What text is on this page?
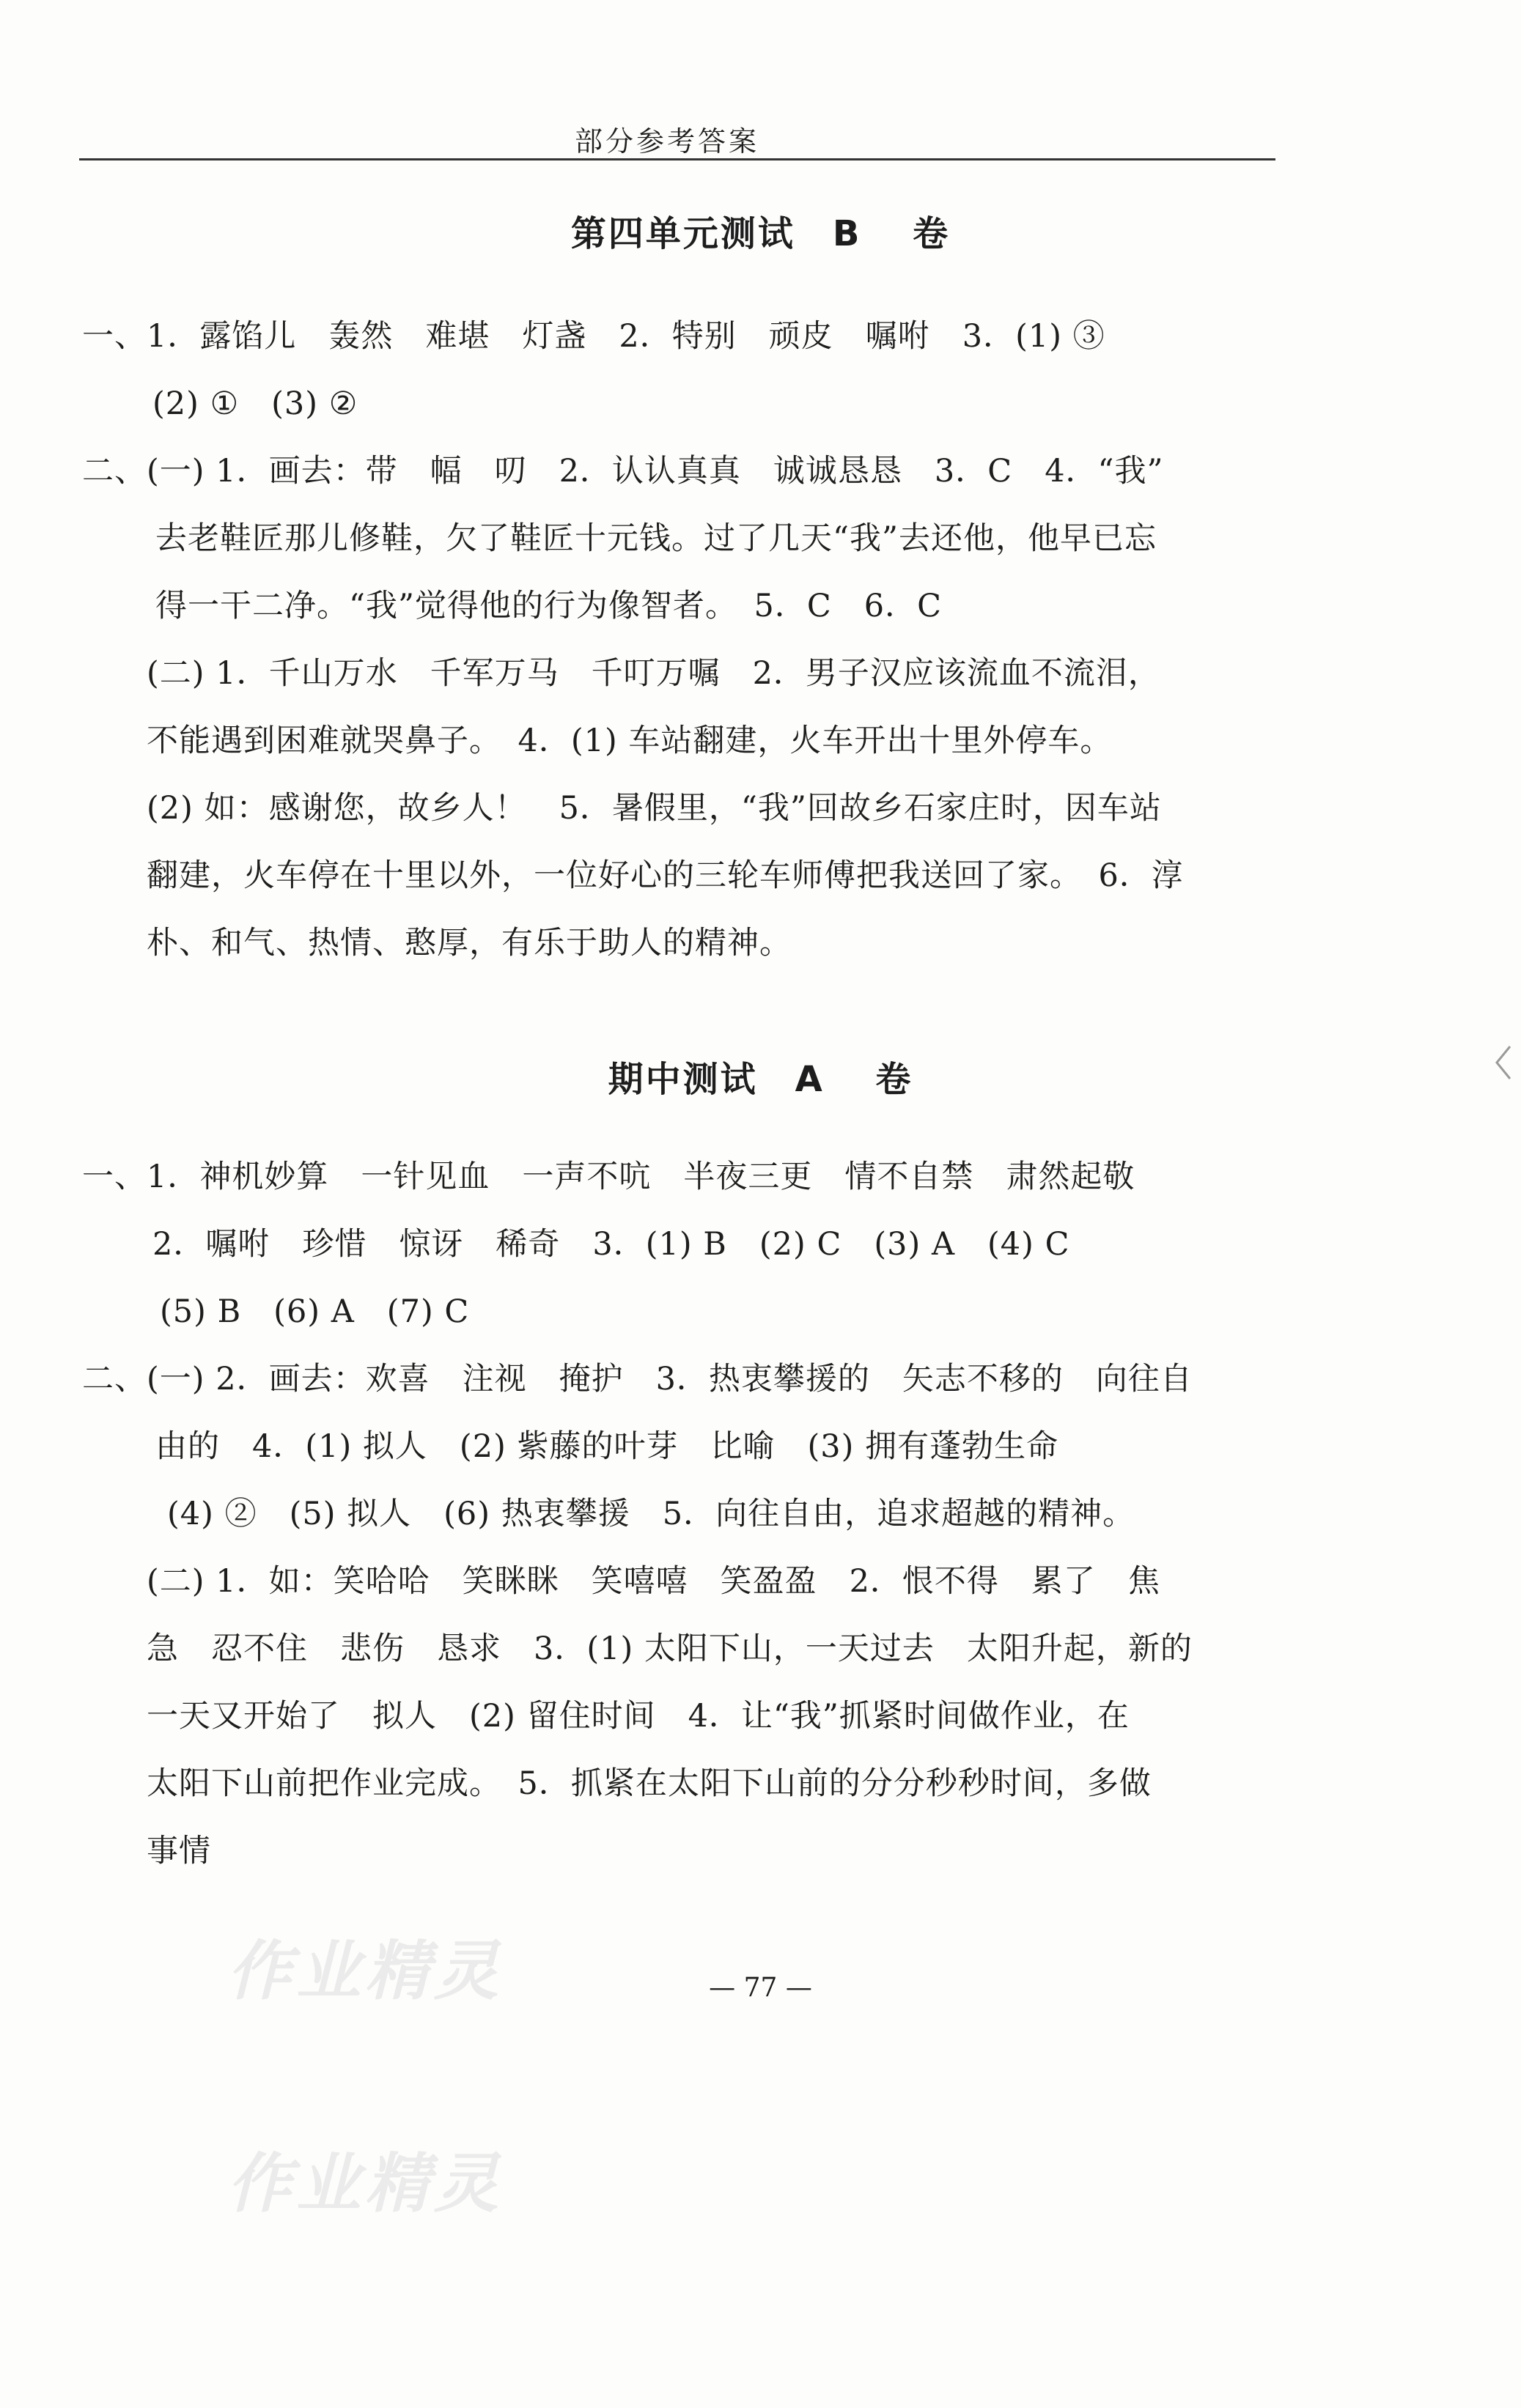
部分参考答案
第四单元测试　B 卷
一、1．露馅儿　轰然　难堪　灯盏　2．特别　顽皮　嘱咐　3．(1) ③
(2) ①　(3) ②
二、(一) 1．画去：带　幅　叨　2．认认真真　诚诚恳恳　3．C　4．“我”
去老鞋匠那儿修鞋，欠了鞋匠十元钱。过了几天“我”去还他，他早已忘
得一干二净。“我”觉得他的行为像智者。　5．C　6．C
(二) 1．千山万水　千军万马　千叮万嘱　2．男子汉应该流血不流泪，
不能遇到困难就哭鼻子。　4．(1) 车站翻建，火车开出十里外停车。
(2) 如：感谢您，故乡人！　5．暑假里，“我”回故乡石家庄时，因车站
翻建，火车停在十里以外，一位好心的三轮车师傅把我送回了家。　6．淳
朴、和气、热情、憨厚，有乐于助人的精神。
期中测试　A 卷
一、1．神机妙算　一针见血　一声不吭　半夜三更　情不自禁　肃然起敬
2．嘱咐　珍惜　惊讶　稀奇　3．(1) B　(2) C　(3) A　(4) C
(5) B　(6) A　(7) C
二、(一) 2．画去：欢喜　注视　掩护　3．热衷攀援的　矢志不移的　向往自
由的　4．(1) 拟人　(2) 紫藤的叶芽　比喻　(3) 拥有蓬勃生命
(4) ②　(5) 拟人　(6) 热衷攀援　5．向往自由，追求超越的精神。
(二) 1．如：笑哈哈　笑眯眯　笑嘻嘻　笑盈盈　2．恨不得　累了　焦
急　忍不住　悲伤　恳求　3．(1) 太阳下山，一天过去　太阳升起，新的
一天又开始了　拟人　(2) 留住时间　4．让“我”抓紧时间做作业，在
太阳下山前把作业完成。　5．抓紧在太阳下山前的分分秒秒时间，多做
事情
作业精灵
作业精灵
— 77 —
